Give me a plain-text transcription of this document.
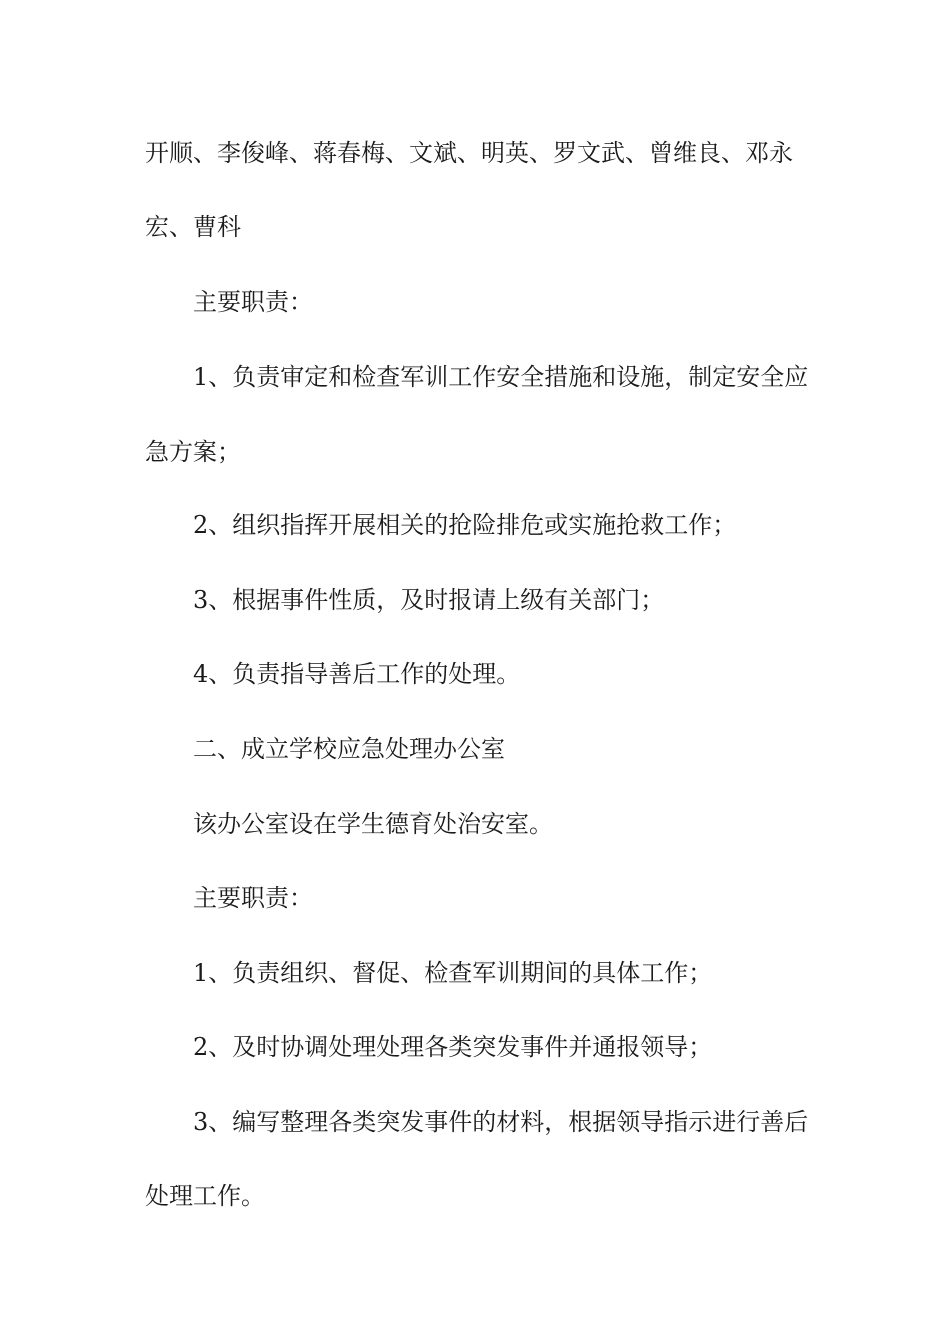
开顺、李俊峰、蒋春梅、文斌、明英、罗文武、曾维良、邓永
宏、曹科
主要职责：
1、负责审定和检查军训工作安全措施和设施，制定安全应
急方案；
2、组织指挥开展相关的抢险排危或实施抢救工作；
3、根据事件性质，及时报请上级有关部门；
4、负责指导善后工作的处理。
二、成立学校应急处理办公室
该办公室设在学生德育处治安室。
主要职责：
1、负责组织、督促、检查军训期间的具体工作；
2、及时协调处理处理各类突发事件并通报领导；
3、编写整理各类突发事件的材料，根据领导指示进行善后
处理工作。
